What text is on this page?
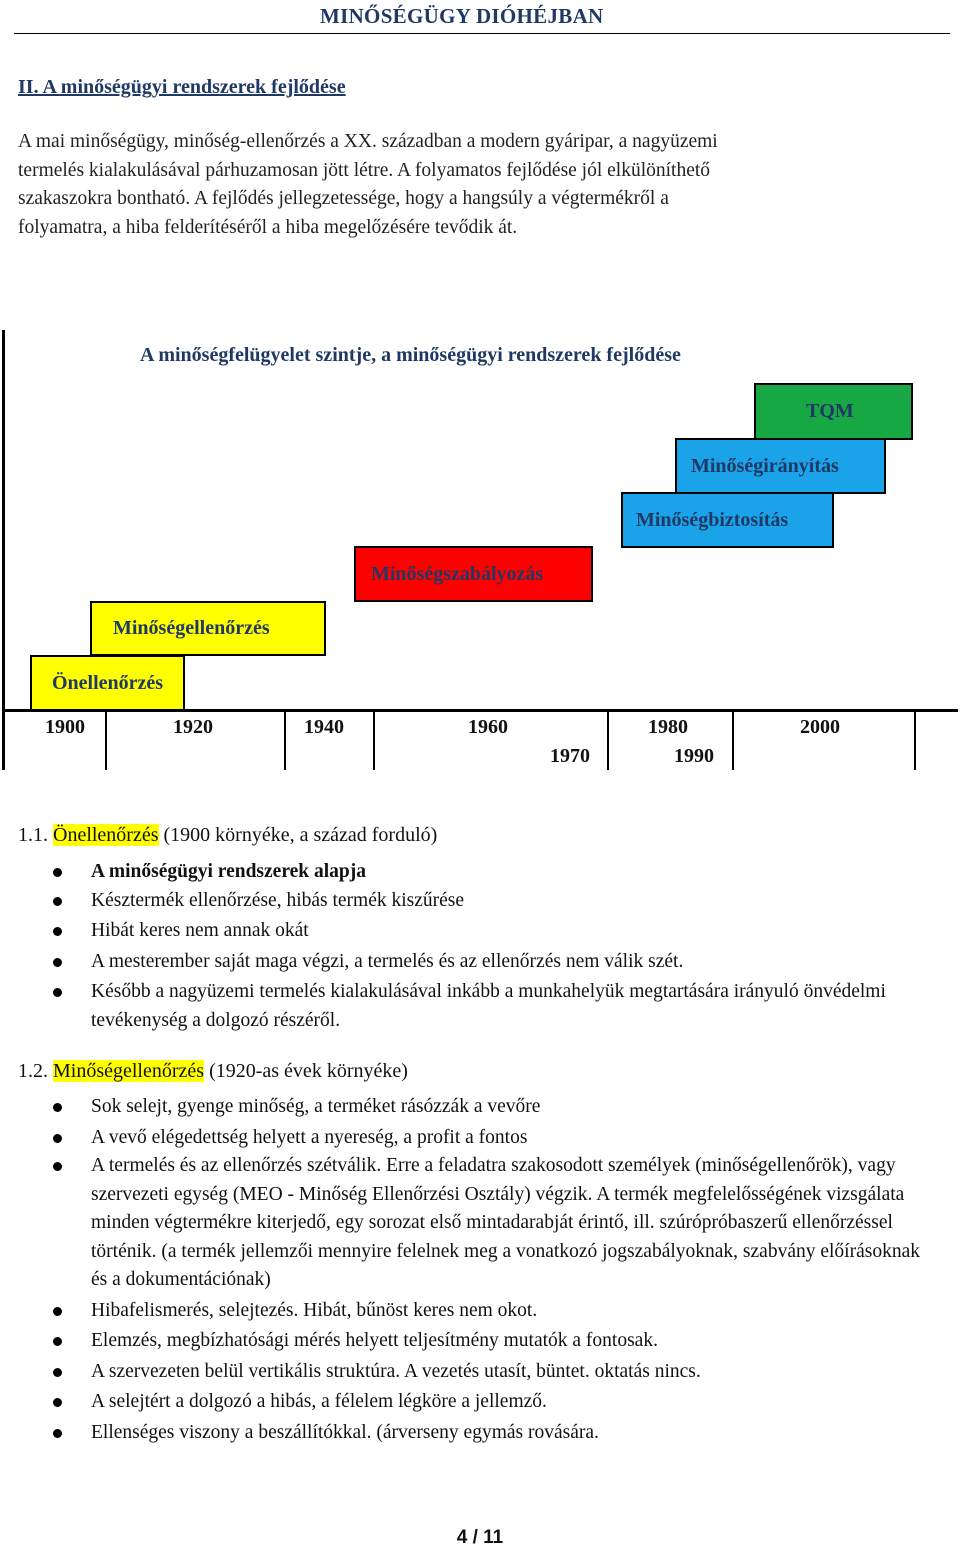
MINŐSÉGÜGY DIÓHÉJBAN
II. A minőségügyi rendszerek fejlődése
A mai minőségügy, minőség-ellenőrzés a XX. században a modern gyáripar, a nagyüzemi
termelés kialakulásával párhuzamosan jött létre. A folyamatos fejlődése jól elkülöníthető
szakaszokra bontható. A fejlődés jellegzetessége, hogy a hangsúly a végtermékről a
folyamatra, a hiba felderítéséről a hiba megelőzésére tevődik át.
A minőségfelügyelet szintje, a minőségügyi rendszerek fejlődése
Önellenőrzés
Minőségellenőrzés
Minőségszabályozás
Minőségbiztosítás
Minőségirányítás
TQM
1900	1920	1940	1960
1970
1980
1990
2000
1.1. Önellenőrzés (1900 környéke, a század forduló)
A minőségügyi rendszerek alapja
Késztermék ellenőrzése, hibás termék kiszűrése
Hibát keres nem annak okát
A mesterember saját maga végzi, a termelés és az ellenőrzés nem válik szét.
Később a nagyüzemi termelés kialakulásával inkább a munkahelyük megtartására irányuló önvédelmi tevékenység a dolgozó részéről.
1.2. Minőségellenőrzés (1920-as évek környéke)
Sok selejt, gyenge minőség, a terméket rásózzák a vevőre
A vevő elégedettség helyett a nyereség, a profit a fontos
A termelés és az ellenőrzés szétválik. Erre a feladatra szakosodott személyek (minőségellenőrök), vagy szervezeti egység (MEO - Minőség Ellenőrzési Osztály) végzik. A termék megfelelősségének vizsgálata minden végtermékre kiterjedő, egy sorozat első mintadarabját érintő, ill. szúrópróbaszerű ellenőrzéssel történik. (a termék jellemzői mennyire felelnek meg a vonatkozó jogszabályoknak, szabvány előírásoknak és a dokumentációnak)
Hibafelismerés, selejtezés. Hibát, bűnöst keres nem okot.
Elemzés, megbízhatósági mérés helyett teljesítmény mutatók a fontosak.
A szervezeten belül vertikális struktúra. A vezetés utasít, büntet. oktatás nincs.
A selejtért a dolgozó a hibás, a félelem légköre a jellemző.
Ellenséges viszony a beszállítókkal. (árverseny egymás rovására.
4 / 11
